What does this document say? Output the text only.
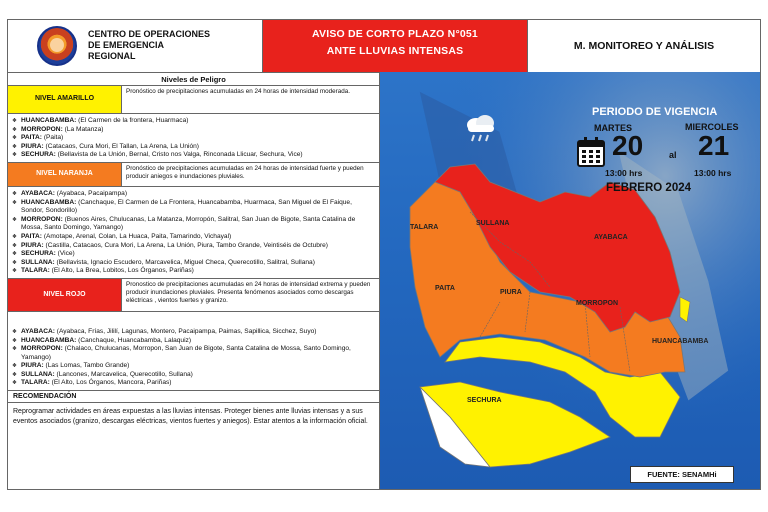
CENTRO DE OPERACIONES
DE EMERGENCIA
REGIONAL
AVISO DE CORTO PLAZO N°051
ANTE LLUVIAS INTENSAS	M. MONITOREO Y ANÁLISIS
Niveles de Peligro
NIVEL AMARILLO
Pronóstico de precipitaciones acumuladas en 24 horas de intensidad moderada.
❖ HUANCABAMBA: (El Carmen de la frontera, Huarmaca)
❖ MORROPON: (La Matanza)
❖ PAITA: (Paita)
❖ PIURA: (Catacaos, Cura Mori, El Tallan, La Arena, La Unión)
❖ SECHURA: (Bellavista de La Unión, Bernal, Cristo nos Valga, Rinconada Llicuar, Sechura, Vice)
NIVEL NARANJA
Pronóstico de precipitaciones acumuladas en 24 horas de intensidad fuerte y pueden producir aniegos e inundaciones pluviales.
❖ AYABACA: (Ayabaca, Pacaipampa)
❖ HUANCABAMBA: (Canchaque, El Carmen de La Frontera, Huancabamba, Huarmaca, San Miguel de El Faique, Sondor, Sondorillo)
❖ MORROPON: (Buenos Aires, Chulucanas, La Matanza, Morropón, Salitral, San Juan de Bigote, Santa Catalina de Mossa, Santo Domingo, Yamango)
❖ PAITA: (Amotape, Arenal, Colan, La Huaca, Paita, Tamarindo, Vichayal)
❖ PIURA: (Castilla, Catacaos, Cura Mori, La Arena, La Unión, Piura, Tambo Grande, Veintiséis de Octubre)
❖ SECHURA: (Vice)
❖ SULLANA: (Bellavista, Ignacio Escudero, Marcavelica, Miguel Checa, Querecotillo, Salitral, Sullana)
❖ TALARA: (El Alto, La Brea, Lobitos, Los Órganos, Pariñas)
NIVEL ROJO
Pronostico de precipitaciones acumuladas en 24 horas de intensidad extrema y pueden producir inundaciones pluviales. Presenta fenómenos asociados como descargas eléctricas , vientos fuertes y granizo.
❖ AYABACA: (Ayabaca, Frías, Jililí, Lagunas, Montero, Pacaipampa, Paimas, Sapillica, Sicchez, Suyo)
❖ HUANCABAMBA: (Canchaque, Huancabamba, Lalaquiz)
❖ MORROPON: (Chalaco, Chulucanas, Morropon, San Juan de Bigote, Santa Catalina de Mossa, Santo Domingo, Yamango)
❖ PIURA: (Las Lomas, Tambo Grande)
❖ SULLANA: (Lancones, Marcavelica, Querecotillo, Sullana)
❖ TALARA: (El Alto, Los Órganos, Mancora, Pariñas)
RECOMENDACIÓN
Reprogramar actividades en áreas expuestas a las lluvias intensas. Proteger bienes ante lluvias intensas y a sus eventos asociados (granizo, descargas eléctricas, vientos fuertes y aniegos). Estar atentos a la información oficial.
TALARA
SULLANA
AYABACA
PAITA
PIURA
MORROPON
HUANCABAMBA
SECHURA
PERIODO DE VIGENCIA
MARTES	MIERCOLES
20	al 21
13:00 hrs	13:00 hrs
FEBRERO 2024
FUENTE: SENAMHi
